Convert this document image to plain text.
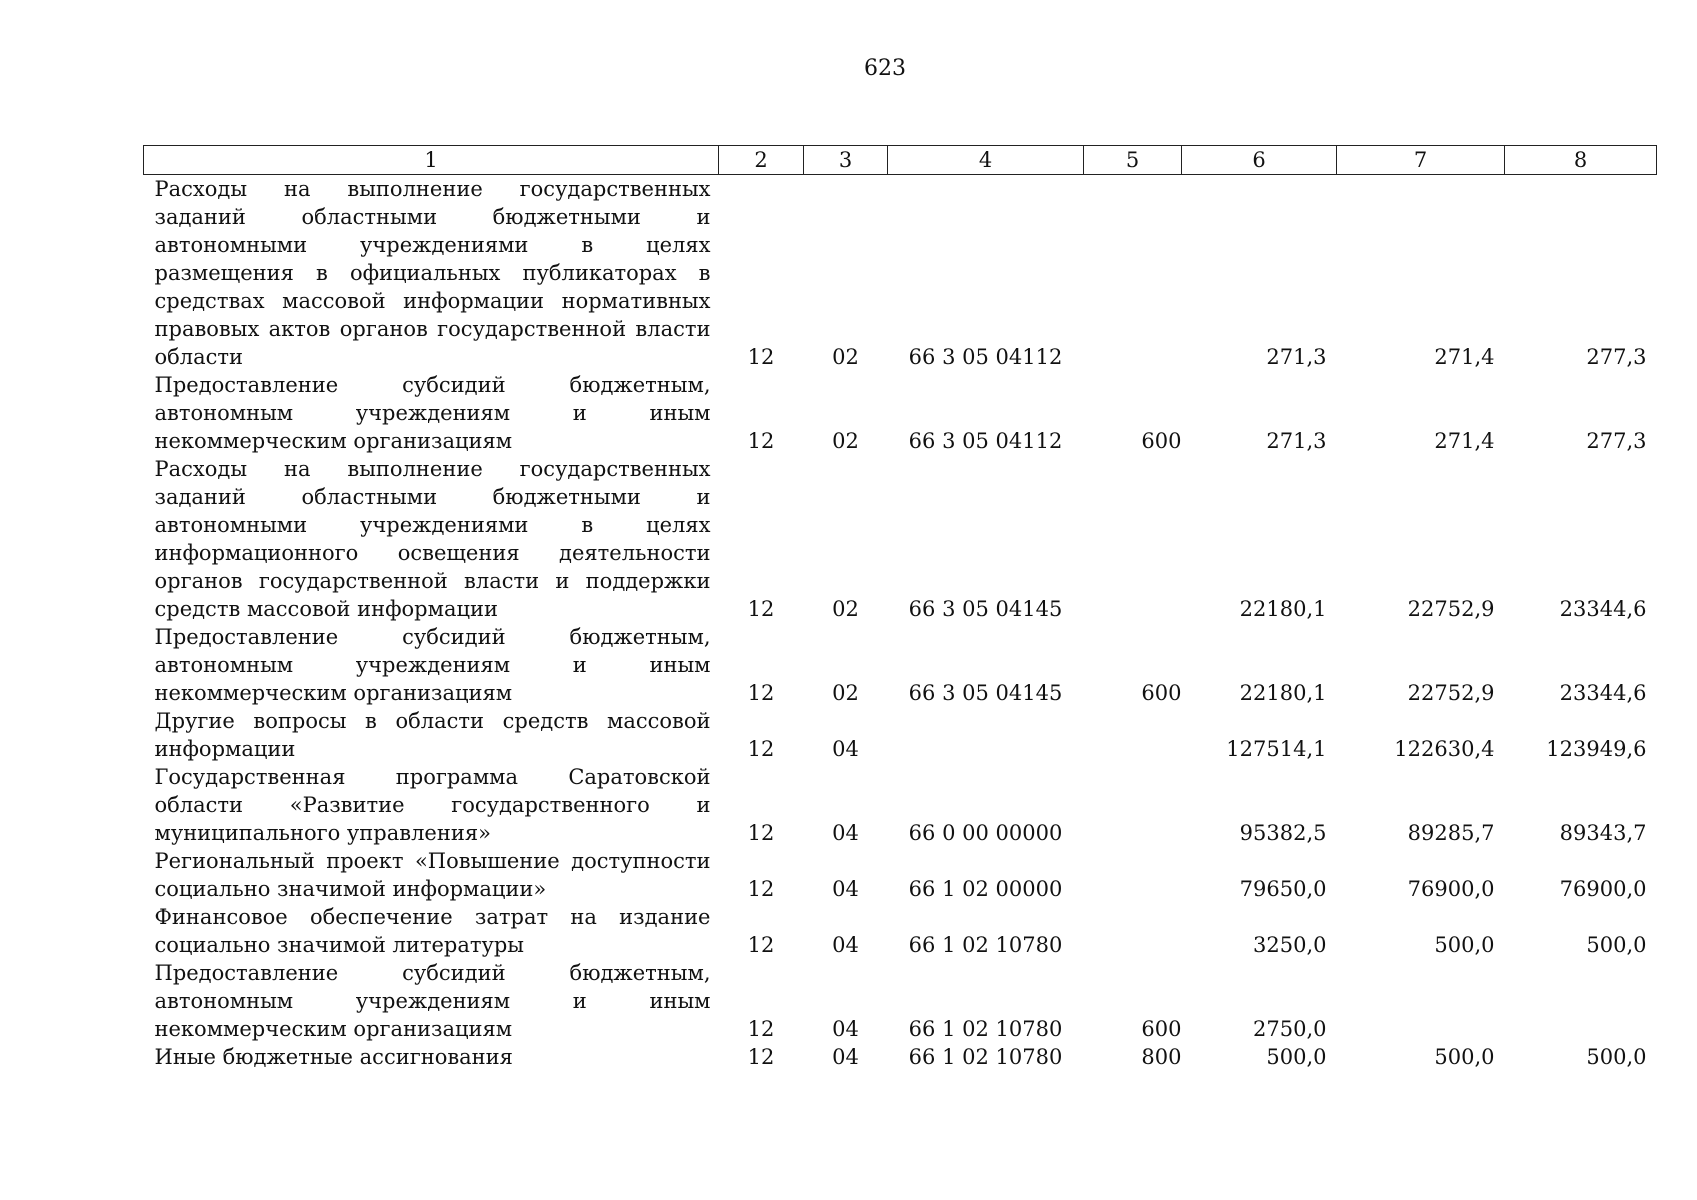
623
1	2	3	4	5	6	7	8
Расходы на выполнение государственных заданий областными бюджетными и автономными учреждениями в целях размещения в официальных публикаторах в средствах массовой информации нормативных правовых актов органов государственной власти области	12	02	66 3 05 04112		271,3	271,4	277,3
Предоставление субсидий бюджетным, автономным учреждениям и иным некоммерческим организациям	12	02	66 3 05 04112	600	271,3	271,4	277,3
Расходы на выполнение государственных заданий областными бюджетными и автономными учреждениями в целях информационного освещения деятельности органов государственной власти и поддержки средств массовой информации	12	02	66 3 05 04145		22180,1	22752,9	23344,6
Предоставление субсидий бюджетным, автономным учреждениям и иным некоммерческим организациям	12	02	66 3 05 04145	600	22180,1	22752,9	23344,6
Другие вопросы в области средств массовой информации	12	04			127514,1	122630,4	123949,6
Государственная программа Саратовской области «Развитие государственного и муниципального управления»	12	04	66 0 00 00000		95382,5	89285,7	89343,7
Региональный проект «Повышение доступности социально значимой информации»	12	04	66 1 02 00000		79650,0	76900,0	76900,0
Финансовое обеспечение затрат на издание социально значимой литературы	12	04	66 1 02 10780		3250,0	500,0	500,0
Предоставление субсидий бюджетным, автономным учреждениям и иным некоммерческим организациям	12	04	66 1 02 10780	600	2750,0		
Иные бюджетные ассигнования	12	04	66 1 02 10780	800	500,0	500,0	500,0
